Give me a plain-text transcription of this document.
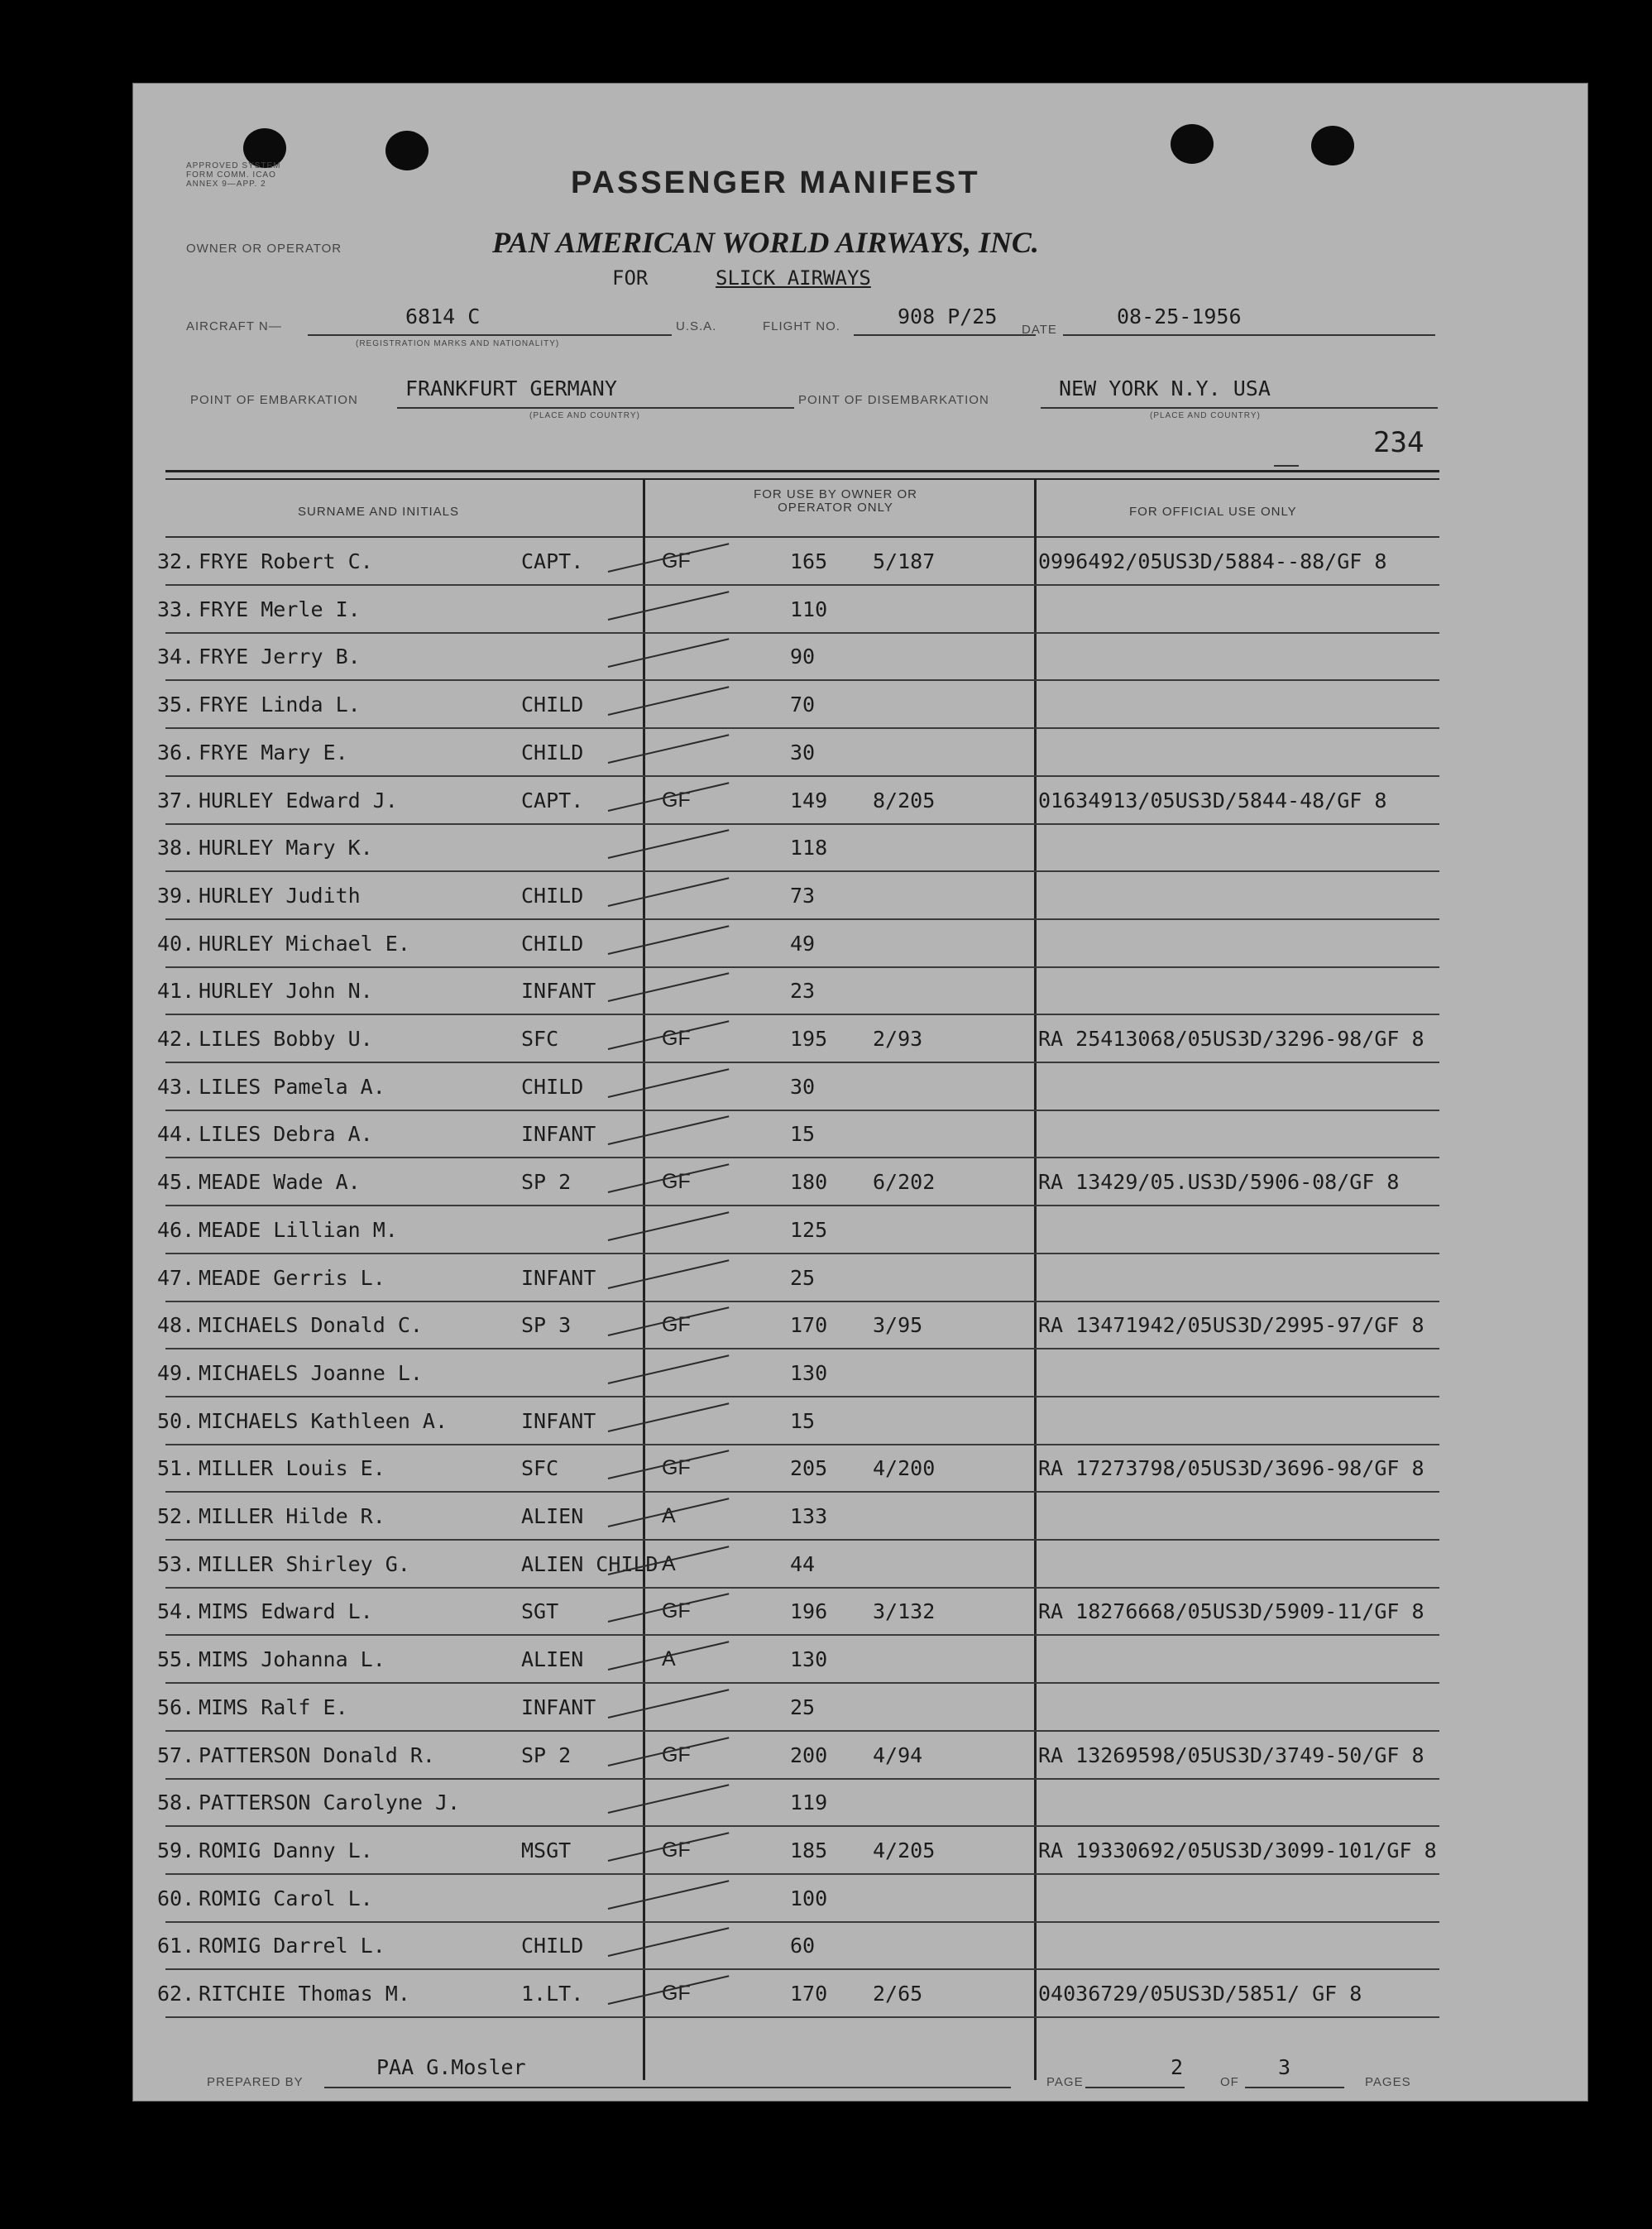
APPROVED SYSTEM FORM COMM. ICAO ANNEX 9—APP. 2	PASSENGER MANIFEST
OWNER OR OPERATOR	PAN AMERICAN WORLD AIRWAYS, INC.
FOR	SLICK AIRWAYS
AIRCRAFT N—	6814 C
(REGISTRATION MARKS AND NATIONALITY)
U.S.A.	FLIGHT NO.	908 P/25
DATE
08-25-1956
POINT OF EMBARKATION FRANKFURT GERMANY
(PLACE AND COUNTRY)
POINT OF DISEMBARKATION	NEW YORK N.Y. USA
(PLACE AND COUNTRY)
234
SURNAME AND INITIALS
FOR USE BY OWNER OR OPERATOR ONLY	FOR OFFICIAL USE ONLY
32. FRYE Robert C.	CAPT.	GF	165 5/187	0996492/05US3D/5884--88/GF 8
33. FRYE Merle I.	110
34. FRYE Jerry B.	90
35. FRYE Linda L.	CHILD	70
36. FRYE Mary E.	CHILD	30
37. HURLEY Edward J.	CAPT.	GF	149 8/205	01634913/05US3D/5844-48/GF 8
38. HURLEY Mary K.	118
39. HURLEY Judith	CHILD	73
40. HURLEY Michael E.	CHILD	49
41. HURLEY John N.	INFANT	23
42. LILES Bobby U.	SFC	GF	195 2/93	RA 25413068/05US3D/3296-98/GF 8
43. LILES Pamela A.	CHILD	30
44. LILES Debra A.	INFANT	15
45. MEADE Wade A.	SP 2	GF	180 6/202	RA 13429/05.US3D/5906-08/GF 8
46. MEADE Lillian M.	125
47. MEADE Gerris L.	INFANT	25
48. MICHAELS Donald C.	SP 3	GF	170 3/95	RA 13471942/05US3D/2995-97/GF 8
49. MICHAELS Joanne L.	130
50. MICHAELS Kathleen A.	INFANT	15
51. MILLER Louis E.	SFC	GF	205 4/200	RA 17273798/05US3D/3696-98/GF 8
52. MILLER Hilde R.	ALIEN	A	133
53. MILLER Shirley G.	ALIEN CHILD A	44
54. MIMS Edward L.	SGT	GF	196 3/132	RA 18276668/05US3D/5909-11/GF 8
55. MIMS Johanna L.	ALIEN	A	130
56. MIMS Ralf E.	INFANT	25
57. PATTERSON Donald R.	SP 2	GF	200 4/94	RA 13269598/05US3D/3749-50/GF 8
58. PATTERSON Carolyne J.	119
59. ROMIG Danny L.	MSGT	GF	185 4/205	RA 19330692/05US3D/3099-101/GF 8
60. ROMIG Carol L.	100
61. ROMIG Darrel L.	CHILD	60
62. RITCHIE Thomas M.	1.LT.	GF	170 2/65	04036729/05US3D/5851/ GF 8
PREPARED BY
PAA G.Mosler
PAGE
2
OF
3
PAGES
